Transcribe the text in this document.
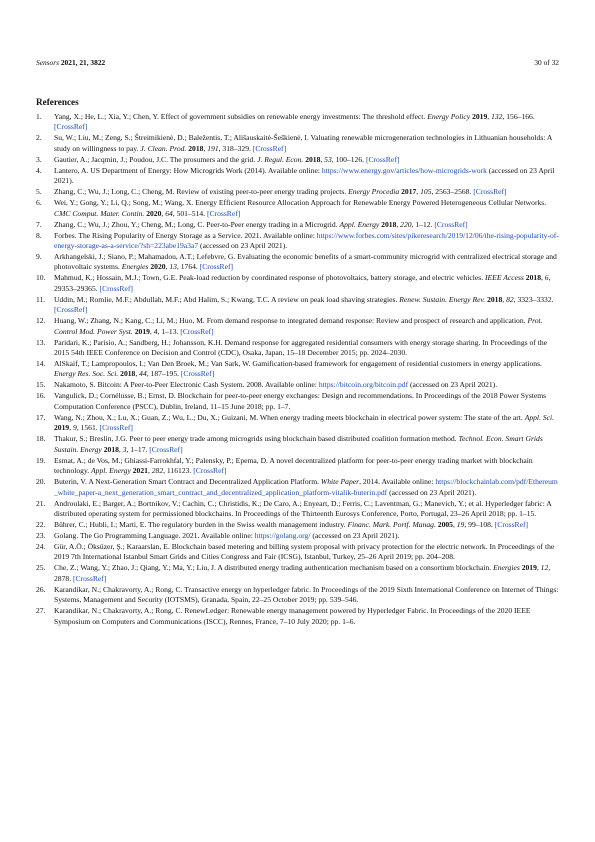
Sensors 2021, 21, 3822	30 of 32
References
1. Yang, X.; He, L.; Xia, Y.; Chen, Y. Effect of government subsidies on renewable energy investments: The threshold effect. Energy Policy 2019, 132, 156–166. [CrossRef]
2. Su, W.; Liu, M.; Zeng, S.; Štreimikienė, D.; Baležentis, T.; Ališauskaitė-Šeškienė, I. Valuating renewable microgeneration technologies in Lithuanian households: A study on willingness to pay. J. Clean. Prod. 2018, 191, 318–329. [CrossRef]
3. Gautier, A.; Jacqmin, J.; Poudou, J.C. The prosumers and the grid. J. Regul. Econ. 2018, 53, 100–126. [CrossRef]
4. Lantero, A. US Department of Energy: How Microgrids Work (2014). Available online: https://www.energy.gov/articles/how-microgrids-work (accessed on 23 April 2021).
5. Zhang, C.; Wu, J.; Long, C.; Cheng, M. Review of existing peer-to-peer energy trading projects. Energy Procedia 2017, 105, 2563–2568. [CrossRef]
6. Wei, Y.; Gong, Y.; Li, Q.; Song, M.; Wang, X. Energy Efficient Resource Allocation Approach for Renewable Energy Powered Heterogeneous Cellular Networks. CMC Comput. Mater. Contin. 2020, 64, 501–514. [CrossRef]
7. Zhang, C.; Wu, J.; Zhou, Y.; Cheng, M.; Long, C. Peer-to-Peer energy trading in a Microgrid. Appl. Energy 2018, 220, 1–12. [CrossRef]
8. Forbes. The Rising Popularity of Energy Storage as a Service. 2021. Available online: https://www.forbes.com/sites/pikeresearch/2019/12/06/the-rising-popularity-of-energy-storage-as-a-service/?sh=223abe19a3a7 (accessed on 23 April 2021).
9. Arkhangelski, J.; Siano, P.; Mahamadou, A.T.; Lefebvre, G. Evaluating the economic benefits of a smart-community microgrid with centralized electrical storage and photovoltaic systems. Energies 2020, 13, 1764. [CrossRef]
10. Mahmud, K.; Hossain, M.J.; Town, G.E. Peak-load reduction by coordinated response of photovoltaics, battery storage, and electric vehicles. IEEE Access 2018, 6, 29353–29365. [CrossRef]
11. Uddin, M.; Romlie, M.F.; Abdullah, M.F.; Abd Halim, S.; Kwang, T.C. A review on peak load shaving strategies. Renew. Sustain. Energy Rev. 2018, 82, 3323–3332. [CrossRef]
12. Huang, W.; Zhang, N.; Kang, C.; Li, M.; Huo, M. From demand response to integrated demand response: Review and prospect of research and application. Prot. Control Mod. Power Syst. 2019, 4, 1–13. [CrossRef]
13. Paridari, K.; Parisio, A.; Sandberg, H.; Johansson, K.H. Demand response for aggregated residential consumers with energy storage sharing. In Proceedings of the 2015 54th IEEE Conference on Decision and Control (CDC), Osaka, Japan, 15–18 December 2015; pp. 2024–2030.
14. AlSkaif, T.; Lampropoulos, I.; Van Den Broek, M.; Van Sark, W. Gamification-based framework for engagement of residential customers in energy applications. Energy Res. Soc. Sci. 2018, 44, 187–195. [CrossRef]
15. Nakamoto, S. Bitcoin: A Peer-to-Peer Electronic Cash System. 2008. Available online: https://bitcoin.org/bitcoin.pdf (accessed on 23 April 2021).
16. Vangulick, D.; Cornélusse, B.; Ernst, D. Blockchain for peer-to-peer energy exchanges: Design and recommendations. In Proceedings of the 2018 Power Systems Computation Conference (PSCC), Dublin, Ireland, 11–15 June 2018; pp. 1–7.
17. Wang, N.; Zhou, X.; Lu, X.; Guan, Z.; Wu, L.; Du, X.; Guizani, M. When energy trading meets blockchain in electrical power system: The state of the art. Appl. Sci. 2019, 9, 1561. [CrossRef]
18. Thakur, S.; Breslin, J.G. Peer to peer energy trade among microgrids using blockchain based distributed coalition formation method. Technol. Econ. Smart Grids Sustain. Energy 2018, 3, 1–17. [CrossRef]
19. Esmat, A.; de Vos, M.; Ghiassi-Farrokhfal, Y.; Palensky, P.; Epema, D. A novel decentralized platform for peer-to-peer energy trading market with blockchain technology. Appl. Energy 2021, 282, 116123. [CrossRef]
20. Buterin, V. A Next-Generation Smart Contract and Decentralized Application Platform. White Paper, 2014. Available online: https://blockchainlab.com/pdf/Ethereum_white_paper-a_next_generation_smart_contract_and_decentralized_application_platform-vitalik-buterin.pdf (accessed on 23 April 2021).
21. Androulaki, E.; Barger, A.; Bortnikov, V.; Cachin, C.; Christidis, K.; De Caro, A.; Enyeart, D.; Ferris, C.; Laventman, G.; Manevich, Y.; et al. Hyperledger fabric: A distributed operating system for permissioned blockchains. In Proceedings of the Thirteenth Eurosys Conference, Porto, Portugal, 23–26 April 2018; pp. 1–15.
22. Bührer, C.; Hubli, I.; Marti, E. The regulatory burden in the Swiss wealth management industry. Financ. Mark. Portf. Manag. 2005, 19, 99–108. [CrossRef]
23. Golang. The Go Programming Language. 2021. Available online: https://golang.org/ (accessed on 23 April 2021).
24. Gür, A.Ö.; Öksüzer, Ş.; Karaarslan, E. Blockchain based metering and billing system proposal with privacy protection for the electric network. In Proceedings of the 2019 7th International Istanbul Smart Grids and Cities Congress and Fair (ICSG), Istanbul, Turkey, 25–26 April 2019; pp. 204–208.
25. Che, Z.; Wang, Y.; Zhao, J.; Qiang, Y.; Ma, Y.; Liu, J. A distributed energy trading authentication mechanism based on a consortium blockchain. Energies 2019, 12, 2878. [CrossRef]
26. Karandikar, N.; Chakravorty, A.; Rong, C. Transactive energy on hyperledger fabric. In Proceedings of the 2019 Sixth International Conference on Internet of Things: Systems, Management and Security (IOTSMS), Granada, Spain, 22–25 October 2019; pp. 539–546.
27. Karandikar, N.; Chakravorty, A.; Rong, C. RenewLedger: Renewable energy management powered by Hyperledger Fabric. In Proceedings of the 2020 IEEE Symposium on Computers and Communications (ISCC), Rennes, France, 7–10 July 2020; pp. 1–6.
